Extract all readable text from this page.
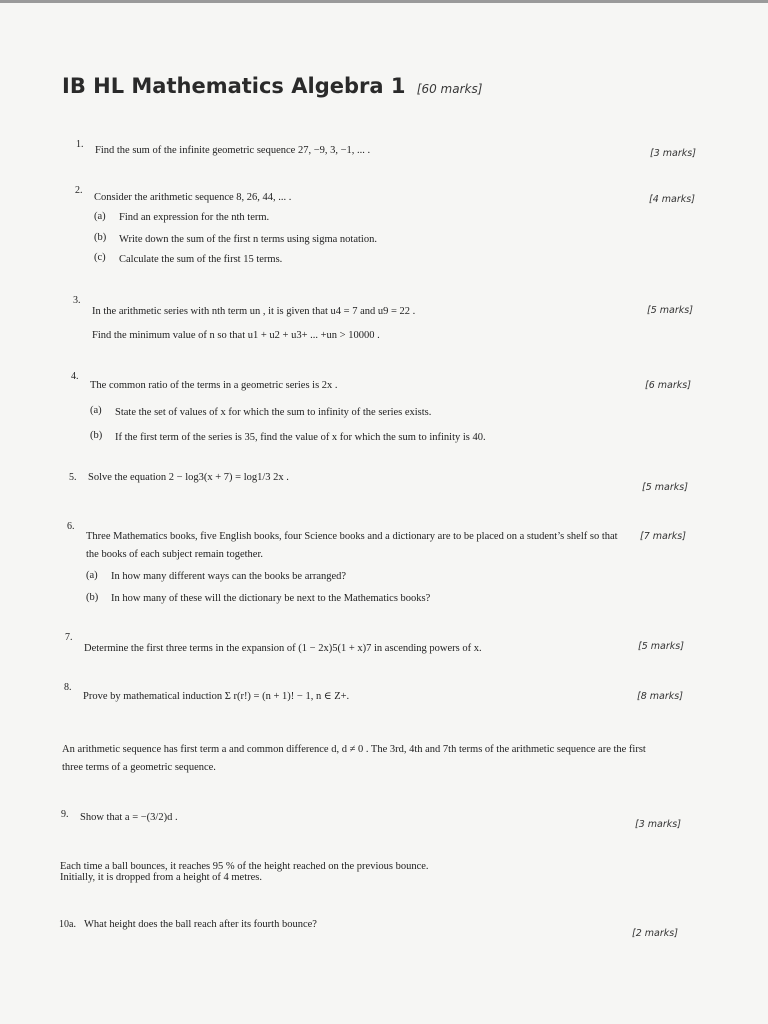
IB HL Mathematics Algebra 1 [60 marks]
1.
Find the sum of the infinite geometric sequence 27, −9, 3, −1, ... .	[3 marks]
2.
Consider the arithmetic sequence 8, 26, 44, ... .	[4 marks]
(a) Find an expression for the nth term.
(b) Write down the sum of the first n terms using sigma notation.
(c) Calculate the sum of the first 15 terms.
3.
In the arithmetic series with nth term un , it is given that u4 = 7 and u9 = 22 .	[5 marks]
Find the minimum value of n so that u1 + u2 + u3+ ... +un > 10000 .
4.
The common ratio of the terms in a geometric series is 2x .	[6 marks]
(a) State the set of values of x for which the sum to infinity of the series exists.
(b) If the first term of the series is 35, find the value of x for which the sum to infinity is 40.
5. Solve the equation 2 − log3(x + 7) = log1/3 2x .
[5 marks]
6.
Three Mathematics books, five English books, four Science books and a dictionary are to be placed on a student’s shelf so that [7 marks]
the books of each subject remain together.
(a) In how many different ways can the books be arranged?
(b) In how many of these will the dictionary be next to the Mathematics books?
7.
Determine the first three terms in the expansion of (1 − 2x)5(1 + x)7 in ascending powers of x.	[5 marks]
8.
Prove by mathematical induction Σ r(r!) = (n + 1)! − 1, n ∈ Z+.	[8 marks]
An arithmetic sequence has first term a and common difference d, d ≠ 0 . The 3rd, 4th and 7th terms of the arithmetic sequence are the first
three terms of a geometric sequence.
9. Show that a = −(3/2)d .
[3 marks]
Each time a ball bounces, it reaches 95 % of the height reached on the previous bounce.
Initially, it is dropped from a height of 4 metres.
10a. What height does the ball reach after its fourth bounce?
[2 marks]
